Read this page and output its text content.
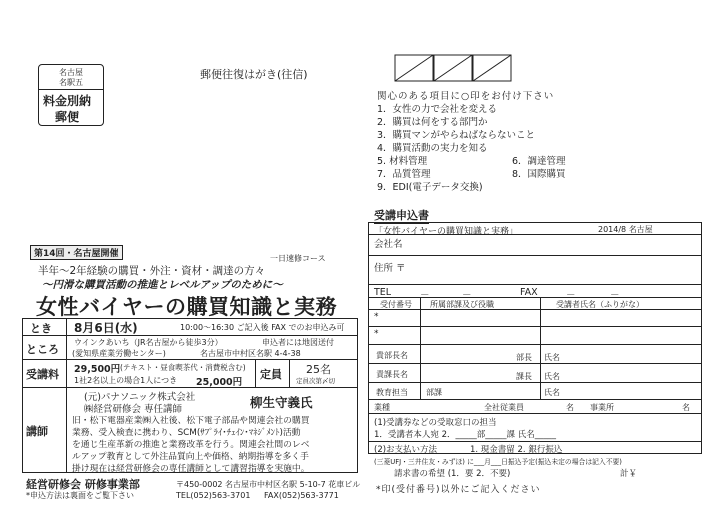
名古屋
名駅五
料金別納
郵便
郵便往復はがき(往信)
関心のある項目に○印をお付け下さい
1．女性の力で会社を変える
2．購買は何をする部門か
3．購買マンがやらねばならないこと
4．購買活動の実力を知る
5. 材料管理	6．調達管理
7．品質管理	8．国際購買
9．EDI(電子データ交換)
第14回・名古屋開催	一日速修コース
半年～2年経験の購買・外注・資材・調達の方々
～円滑な購買活動の推進とレベルアップのために～
女性バイヤーの購買知識と実務
とき 8月6日(水)	10:00～16:30 ご記入後 FAX でのお申込み可
ところ
ウインクあいち（JR名古屋から徒歩3分）	申込者には地図送付
(愛知県産業労働センター)	名古屋市中村区名駅 4-4-38
受講料 29,500円 (テキスト・昼食喫茶代・消費税含む)
1社2名以上の場合1人につき 25,000円
定員 25名
定員次第〆切
講師
(元)パナソニック株式会社
㈱経営研修会 専任講師	柳生守義氏
旧・松下電器産業㈱入社後、松下電子部品や関連会社の購買
業務、受入検査に携わり、SCM(ｻﾌﾟﾗｲ･ﾁｪｲﾝ･ﾏﾈｼﾞﾒﾝﾄ)活動
を通じ生産革新の推進と業務改革を行う。関連会社間のレベ
ルアップ教育として外注品質向上や価格、納期指導を多く手
掛け現在は経営研修会の専任講師として講習指導を実施中。
経営研修会 研修事業部	〒450-0002 名古屋市中村区名駅 5-10-7 花車ビル
*申込方法は裏面をご覧下さい	TEL(052)563-3701 FAX(052)563-3771
受講申込書
「女性バイヤーの購買知識と実務」	2014/8 名古屋
会社名
住所 〒
TEL	－	－	FAX	－	－
受付番号 所属部課及び役職	受講者氏名（ふりがな）
*
*
貴部長名	部長 氏名
責課長名	課長 氏名
教育担当 部課	氏名
業種	全社従業員	名 事業所	名
(1)受講券などの受取窓口の担当
1．受講者本人宛 2．_____部_____課 氏名_____
(2)お支払い方法	1. 現金書留 2. 銀行振込
(三菱UFJ・三井住友・みずほ) に___月___日振込予定(振込未定の場合は記入不要)
請求書の希望 (1．要 2．不要)	計￥
*印(受付番号)以外にご記入ください
